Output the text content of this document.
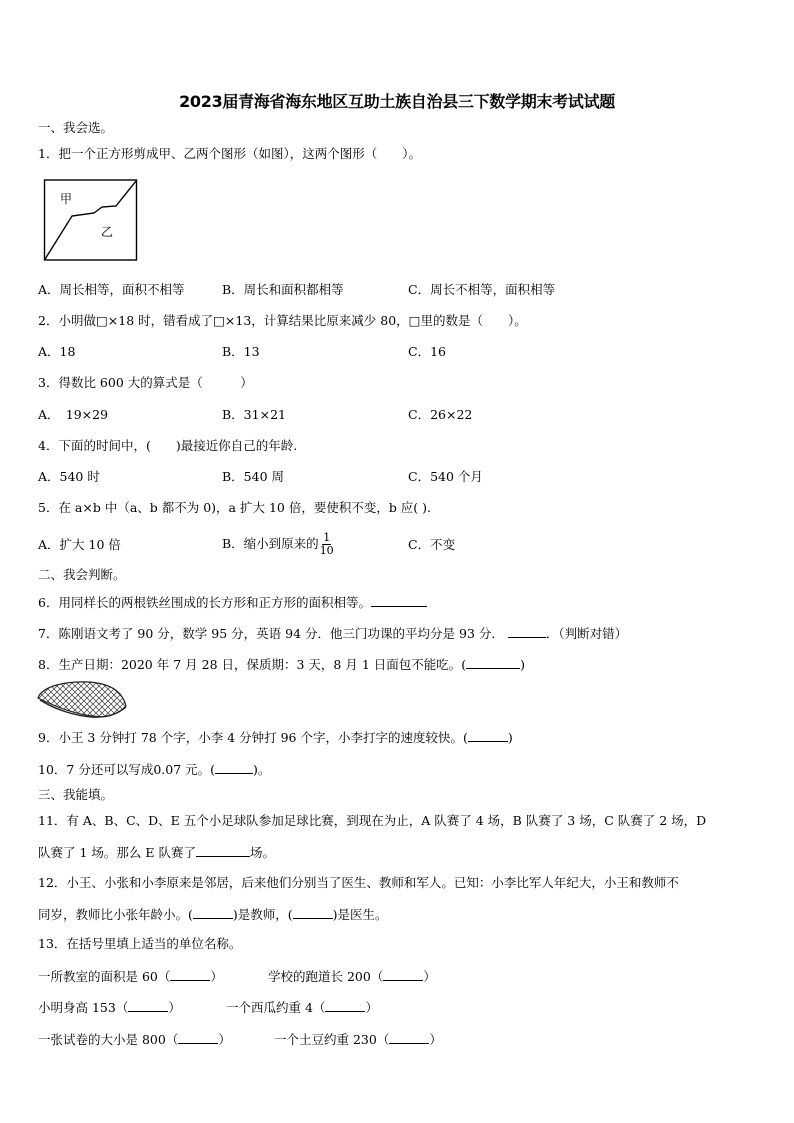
2023届青海省海东地区互助土族自治县三下数学期末考试试题
一、我会选。
1．把一个正方形剪成甲、乙两个图形（如图），这两个图形（　　）。
甲
乙
A．周长相等，面积不相等	B．周长和面积都相等	C．周长不相等，面积相等
2．小明做□×18 时，错看成了□×13，计算结果比原来减少 80，□里的数是（　　）。
A．18	B．13	C．16
3．得数比 600 大的算式是（　　　）
A．　19×29	B．31×21	C．26×22
4．下面的时间中，(　　)最接近你自己的年龄.
A．540 时	B．540 周	C．540 个月
5．在 a×b 中（a、b 都不为 0)，a 扩大 10 倍，要使积不变，b 应( ).
A．扩大 10 倍	B．缩小到原来的 $\frac{1}{10}$	C．不变
二、我会判断。
6．用同样长的两根铁丝围成的长方形和正方形的面积相等。
7．陈刚语文考了 90 分，数学 95 分，英语 94 分．他三门功课的平均分是 93 分．	．（判断对错）
8．生产日期：2020 年 7 月 28 日，保质期：3 天，8 月 1 日面包不能吃。(	)
9．小王 3 分钟打 78 个字，小李 4 分钟打 96 个字，小李打字的速度较快。(	)
10．7 分还可以写成0.07 元。(	)。
三、我能填。
11．有 A、B、C、D、E 五个小足球队参加足球比赛，到现在为止，A 队赛了 4 场，B 队赛了 3 场，C 队赛了 2 场，D
队赛了 1 场。那么 E 队赛了	场。
12．小王、小张和小李原来是邻居，后来他们分别当了医生、教师和军人。已知：小李比军人年纪大，小王和教师不
同岁，教师比小张年龄小。(	)是教师，(	)是医生。
13．在括号里填上适当的单位名称。
一所教室的面积是 60（	）	学校的跑道长 200（	）
小明身高 153（	）	一个西瓜约重 4（	）
一张试卷的大小是 800（	）	一个土豆约重 230（	）
